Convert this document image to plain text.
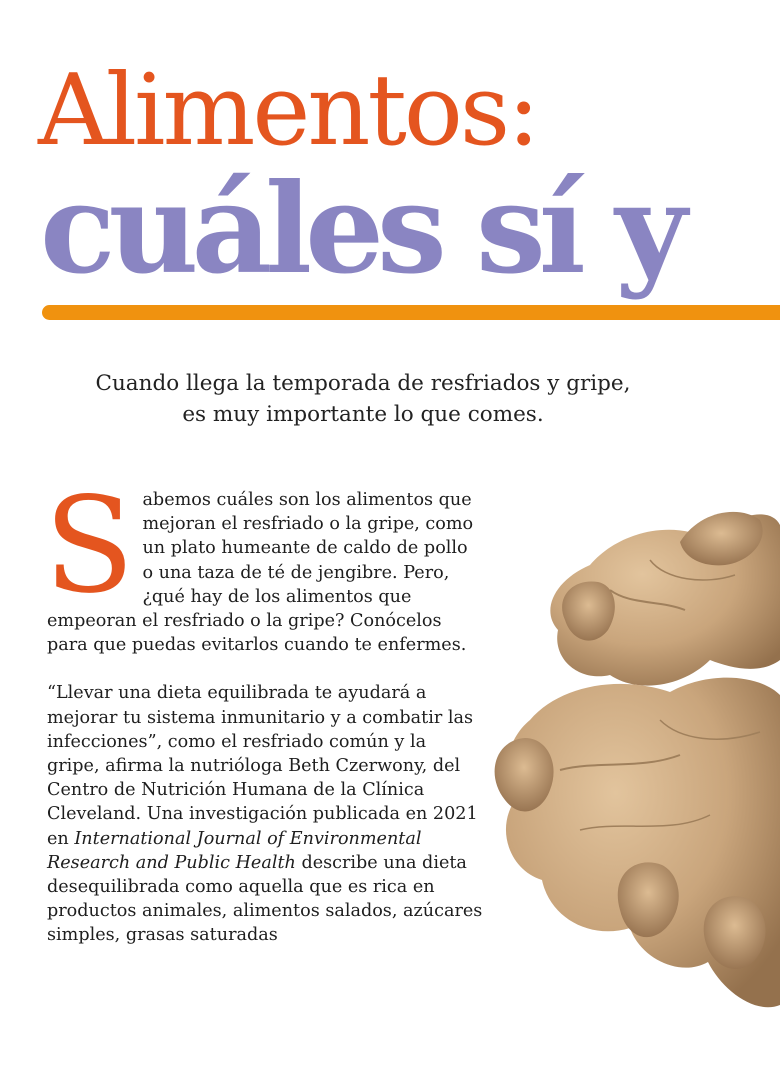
Alimentos:
cuáles sí y

Cuando llega la temporada de resfriados y gripe,
es muy importante lo que comes.

Sabemos cuáles son los alimentos que mejoran el resfriado o la gripe, como un plato humeante de caldo de pollo o una taza de té de jengibre. Pero, ¿qué hay de los alimentos que empeoran el resfriado o la gripe? Conócelos para que puedas evitarlos cuando te enfermes.

“Llevar una dieta equilibrada te ayudará a mejorar tu sistema inmunitario y a combatir las infecciones”, como el resfriado común y la gripe, afirma la nutrióloga Beth Czerwony, del Centro de Nutrición Humana de la Clínica Cleveland. Una investigación publicada en 2021 en International Journal of Environmental Research and Public Health describe una dieta desequilibrada como aquella que es rica en productos animales, alimentos salados, azúcares simples, grasas saturadas
